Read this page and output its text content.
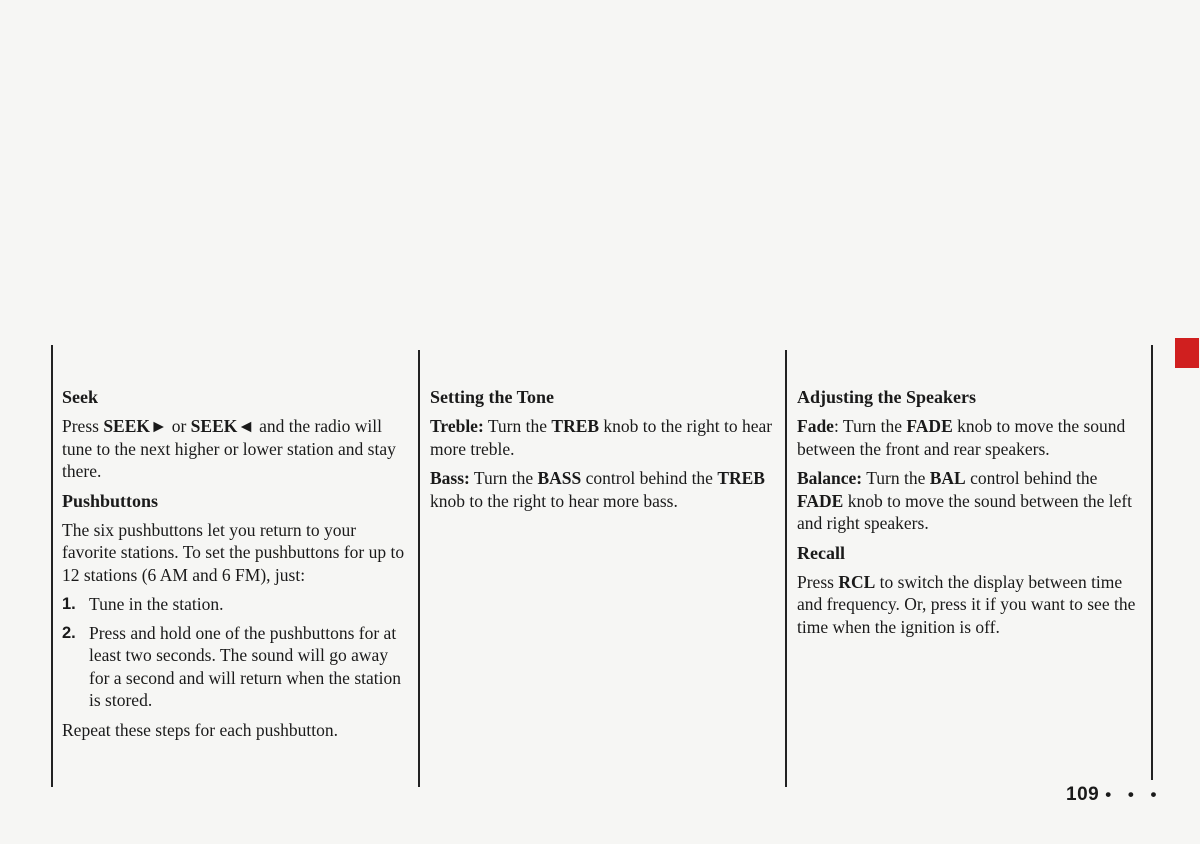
Seek

Press SEEK► or SEEK◄ and the radio will tune to the next higher or lower station and stay there.

Pushbuttons

The six pushbuttons let you return to your favorite stations. To set the pushbuttons for up to 12 stations (6 AM and 6 FM), just:

1. Tune in the station.
2. Press and hold one of the pushbuttons for at least two seconds. The sound will go away for a second and will return when the station is stored.

Repeat these steps for each pushbutton.

Setting the Tone

Treble: Turn the TREB knob to the right to hear more treble.

Bass: Turn the BASS control behind the TREB knob to the right to hear more bass.

Adjusting the Speakers

Fade: Turn the FADE knob to move the sound between the front and rear speakers.

Balance: Turn the BAL control behind the FADE knob to move the sound between the left and right speakers.

Recall

Press RCL to switch the display between time and frequency. Or, press it if you want to see the time when the ignition is off.

109 • • •
